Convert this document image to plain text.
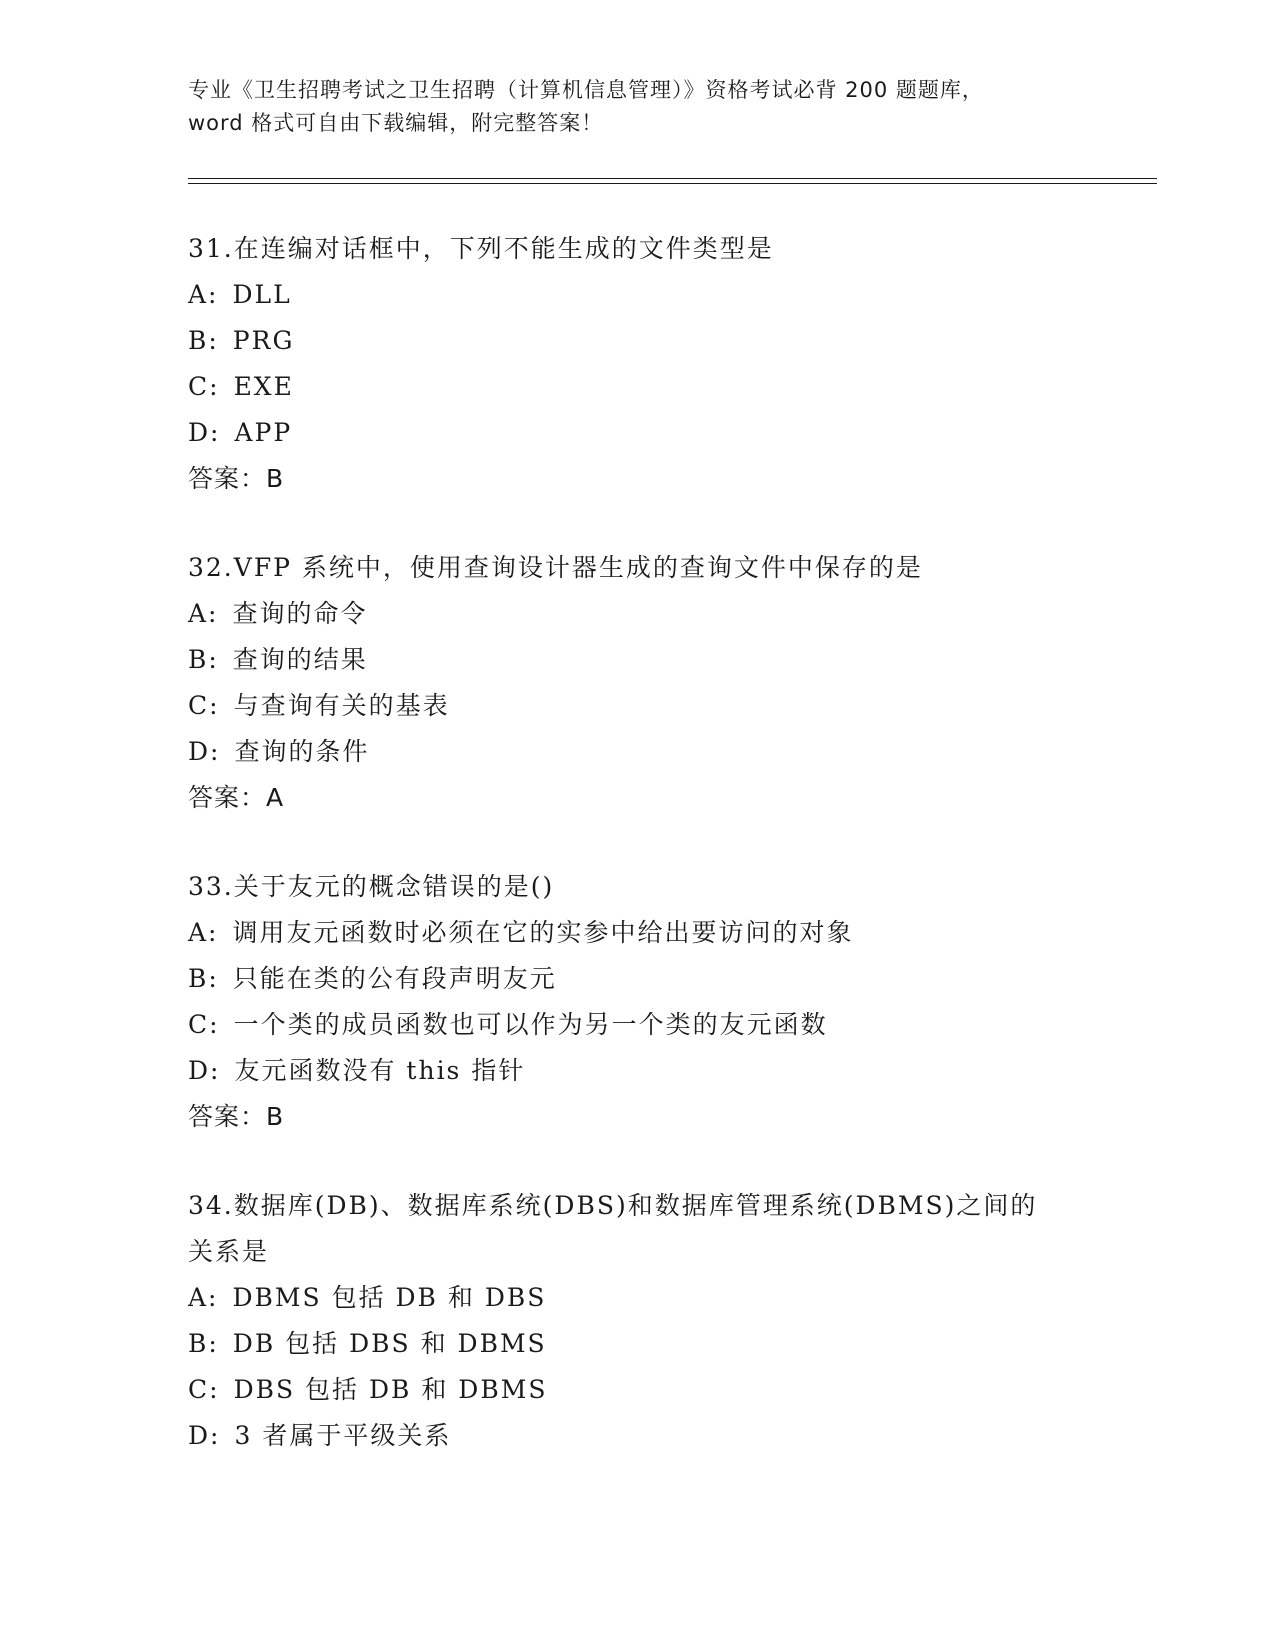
专业《卫生招聘考试之卫生招聘（计算机信息管理）》资格考试必背 200 题题库，
word 格式可自由下载编辑，附完整答案！
31.在连编对话框中，下列不能生成的文件类型是
A: DLL
B: PRG
C: EXE
D: APP
答案：B
32.VFP 系统中，使用查询设计器生成的查询文件中保存的是
A: 查询的命令
B: 查询的结果
C: 与查询有关的基表
D: 查询的条件
答案：A
33.关于友元的概念错误的是()
A: 调用友元函数时必须在它的实参中给出要访问的对象
B: 只能在类的公有段声明友元
C: 一个类的成员函数也可以作为另一个类的友元函数
D: 友元函数没有 this 指针
答案：B
34.数据库(DB)、数据库系统(DBS)和数据库管理系统(DBMS)之间的关系是
A: DBMS 包括 DB 和 DBS
B: DB 包括 DBS 和 DBMS
C: DBS 包括 DB 和 DBMS
D: 3 者属于平级关系
